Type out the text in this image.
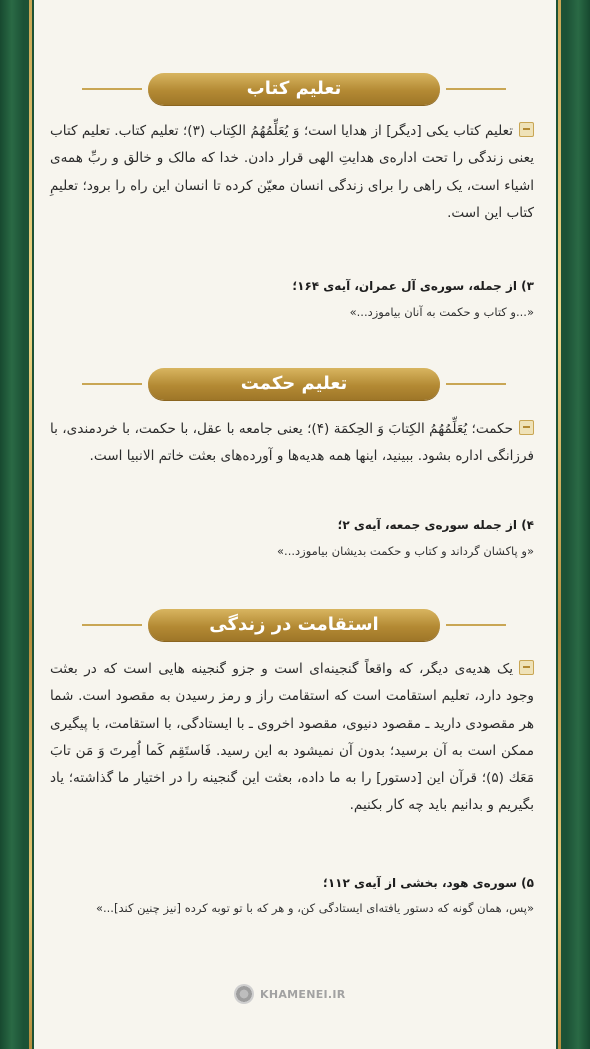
تعلیم کتاب
تعلیم کتاب یکی [دیگر] از هدایا است؛ وَ یُعَلِّمُهُمُ الکِتاب (۳)؛ تعلیم کتاب. تعلیم کتاب یعنی زندگی را تحت اداره‌ی هدایتِ الهی قرار دادن. خدا که مالک و خالق و ربِّ همه‌ی اشیاء است، یک راهی را برای زندگی انسان معیّن کرده تا انسان این راه را برود؛ تعلیمِ کتاب این است.
۳) از جمله، سوره‌ی آل عمران، آیه‌ی ۱۶۴؛
«...و کتاب و حکمت به آنان بیاموزد...»
تعلیم حکمت
حکمت؛ یُعَلِّمُهُمُ الکِتابَ وَ الحِکمَة (۴)؛ یعنی جامعه با عقل، با حکمت، با خردمندی، با فرزانگی اداره بشود. ببینید، اینها همه هدیه‌ها و آورده‌های بعثت خاتم الانبیا است.
۴) از جمله سوره‌ی جمعه، آیه‌ی ۲؛
«و پاکشان گرداند و کتاب و حکمت بدیشان بیاموزد...»
استقامت در زندگی
یک هدیه‌ی دیگر، که واقعاً گنجینه‌ای است و جزو گنجینه هایی است که در بعثت وجود دارد، تعلیم استقامت است که استقامت راز و رمز رسیدن به مقصود است. شما هر مقصودی دارید ـ مقصود دنیوی، مقصود اخروی ـ با ایستادگی، با استقامت، با پیگیری ممکن است به آن برسید؛ بدون آن نمیشود به این رسید. فَاستَقِم کَما اُمِرتَ وَ مَن تابَ مَعَك (۵)؛ قرآن این [دستور] را به ما داده، بعثت این گنجینه را در اختیار ما گذاشته؛ یاد بگیریم و بدانیم باید چه کار بکنیم.
۵) سوره‌ی هود، بخشی از آیه‌ی ۱۱۲؛
«پس، همان گونه که دستور یافته‌ای ایستادگی کن، و هر که با تو توبه کرده [نیز چنین کند]...»
KHAMENEI.IR
